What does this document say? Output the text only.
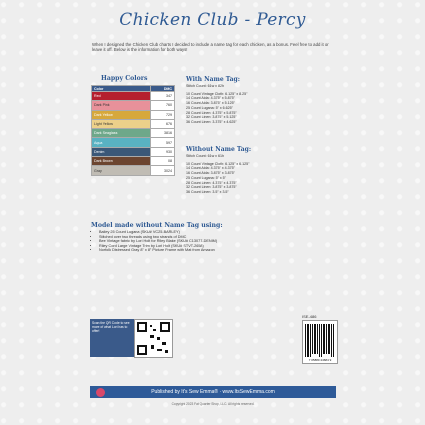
Chicken Club - Percy
When I designed the Chicken Club charts I decided to include a name tag for each chicken, as a bonus. Feel free to add it or leave it off. Below is the information for both ways!
Happy Colors
Color	DMC
Red	347
Dark Pink	760
Dark Yellow	729
Light Yellow	676
Dark Seaglass	3816
Aqua	597
Denim	930
Dark Brown	08
Gray	3024
With Name Tag:
Stitch Count: 61w x 82h
10 Count Vintage Cloth: 6.125" x 8.25"
14 Count Aida: 4.375" x 5.875"
16 Count Aida: 3.875" x 5.125"
25 Count Lugana: 5" x 6.625"
28 Count Linen: 4.375" x 5.875"
32 Count Linen: 3.875" x 5.125"
36 Count Linen: 3.375" x 4.625"
Without Name Tag:
Stitch Count: 61w x 61h
10 Count Vintage Cloth: 6.125" x 6.125"
14 Count Aida: 4.375" x 4.375"
16 Count Aida: 3.875" x 3.875"
25 Count Lugana: 5" x 5"
28 Count Linen: 4.375" x 4.375"
32 Count Linen: 3.875" x 3.875"
36 Count Linen: 3.5" x 3.5"
Model made without Name Tag using:
• Bailey 25 Count Lugana (SKU# VC25-BARLEY)
• Stitched over two threads using two strands of DMC
• Bee Vintage fabric by Lori Holt for Riley Blake (SKU# C13077-DENIM)
• Riley Cord Large Vintage Trim by Lori Holt (SKU# STVT-2658)
• Norfolk Distressed Gray 8" x 8" Picture Frame with Mat from Amazon
Scan the QR Code to see more of what Lori has to offer!
ISE-486
7 05880 44684 9
Published by It's Sew Emma® · www.ItsSewEmma.com
Copyright 2023 Fat Quarter Shop, LLC. All rights reserved.
